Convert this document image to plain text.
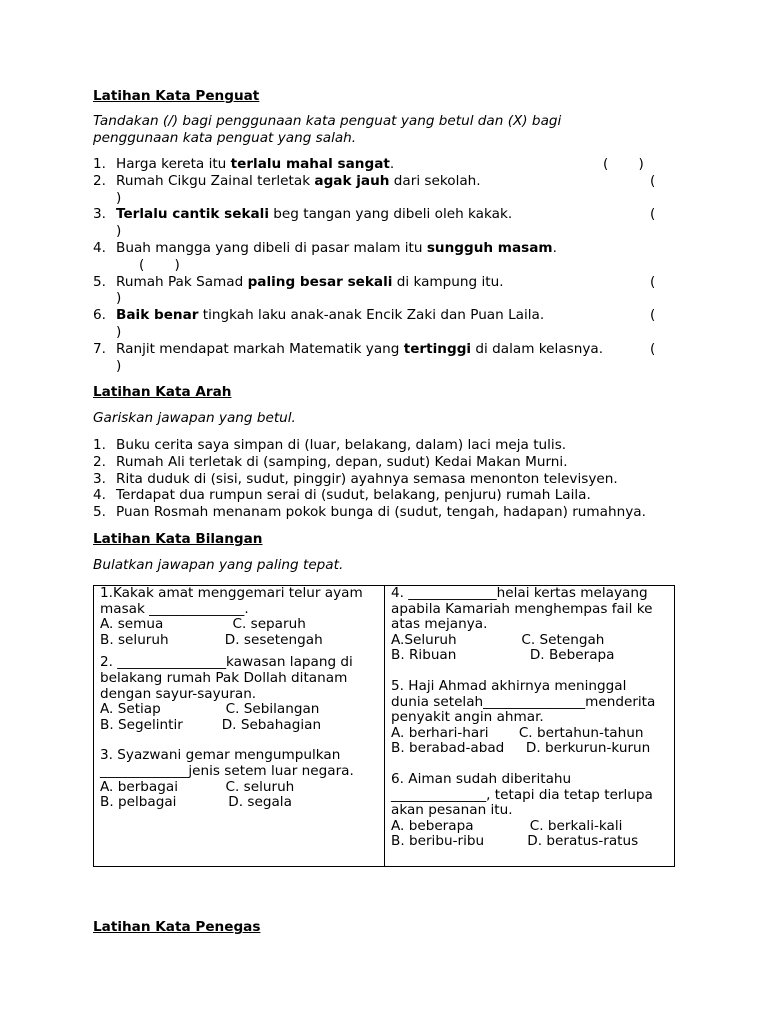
Latihan Kata Penguat
Tandakan (/) bagi penggunaan kata penguat yang betul dan (X) bagi penggunaan kata penguat yang salah.
1. Harga kereta itu terlalu mahal sangat.	(       )
2. Rumah Cikgu Zainal terletak agak jauh dari sekolah.	(
)

3. Terlalu cantik sekali beg tangan yang dibeli oleh kakak.	(
)

4. Buah mangga yang dibeli di pasar malam itu sungguh masam.
(       )
5. Rumah Pak Samad paling besar sekali di kampung itu.	(
)

6. Baik benar tingkah laku anak-anak Encik Zaki dan Puan Laila.	(
)

7. Ranjit mendapat markah Matematik yang tertinggi di dalam kelasnya.	(
)

Latihan Kata Arah
Gariskan jawapan yang betul.
1. Buku cerita saya simpan di (luar, belakang, dalam) laci meja tulis.
2. Rumah Ali terletak di (samping, depan, sudut) Kedai Makan Murni.
3. Rita duduk di (sisi, sudut, pinggir) ayahnya semasa menonton televisyen.
4. Terdapat dua rumpun serai di (sudut, belakang, penjuru) rumah Laila.
5. Puan Rosmah menanam pokok bunga di (sudut, tengah, hadapan) rumahnya.
Latihan Kata Bilangan
Bulatkan jawapan yang paling tepat.
1.Kakak amat menggemari telur ayam masak ______________.
A. semua                C. separuh
B. seluruh             D. sesetengah
2. ________________kawasan lapang di belakang rumah Pak Dollah ditanam dengan sayur-sayuran.
A. Setiap               C. Sebilangan
B. Segelintir         D. Sebahagian
3. Syazwani gemar mengumpulkan _____________jenis setem luar negara.
A. berbagai           C. seluruh
B. pelbagai            D. segala

4. _____________helai kertas melayang apabila Kamariah menghempas fail ke atas mejanya.
A.Seluruh               C. Setengah
B. Ribuan                 D. Beberapa
5. Haji Ahmad akhirnya meninggal dunia setelah_______________menderita penyakit angin ahmar.
A. berhari-hari       C. bertahun-tahun
B. berabad-abad     D. berkurun-kurun
6. Aiman sudah diberitahu ______________, tetapi dia tetap terlupa akan pesanan itu.
A. beberapa             C. berkali-kali
B. beribu-ribu          D. beratus-ratus
Latihan Kata Penegas
